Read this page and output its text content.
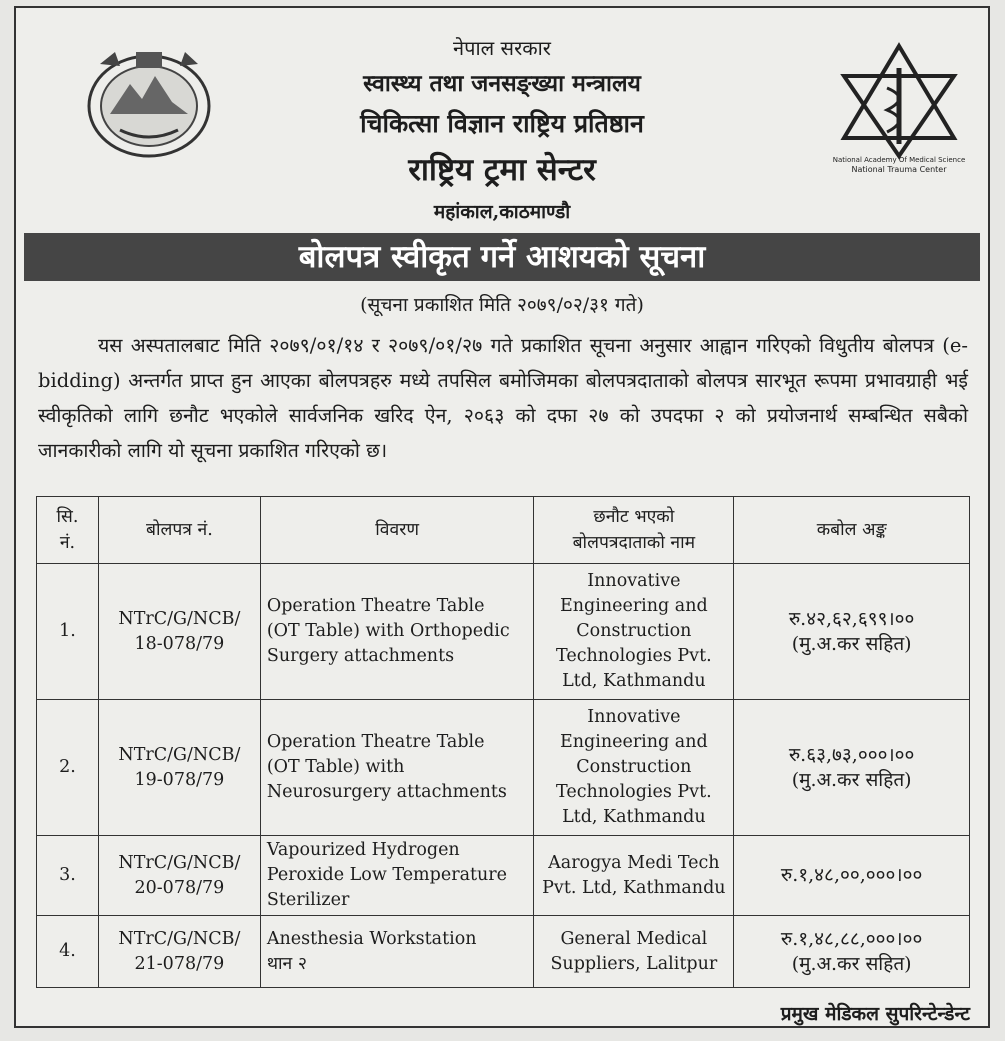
National Academy Of Medical Science
National Trauma Center
नेपाल सरकार
स्वास्थ्य तथा जनसङ्ख्या मन्त्रालय
चिकित्सा विज्ञान राष्ट्रिय प्रतिष्ठान
राष्ट्रिय ट्रमा सेन्टर
महांकाल,काठमाण्डौ
बोलपत्र स्वीकृत गर्ने आशयको सूचना
(सूचना प्रकाशित मिति २०७९/०२/३१ गते)

यस अस्पतालबाट मिति २०७९/०१/१४ र २०७९/०१/२७ गते प्रकाशित सूचना अनुसार आह्वान गरिएको विधुतीय बोलपत्र (e-bidding) अन्तर्गत प्राप्त हुन आएका बोलपत्रहरु मध्ये तपसिल बमोजिमका बोलपत्रदाताको बोलपत्र सारभूत रूपमा प्रभावग्राही भई स्वीकृतिको लागि छनौट भएकोले सार्वजनिक खरिद ऐन, २०६३ को दफा २७ को उपदफा २ को प्रयोजनार्थ सम्बन्धित सबैको जानकारीको लागि यो सूचना प्रकाशित गरिएको छ।

सि.
नं.	बोलपत्र नं.	विवरण	छनौट भएको
बोलपत्रदाताको नाम	कबोल अङ्क
1.	NTrC/G/NCB/
18-078/79	Operation Theatre Table
(OT Table) with Orthopedic
Surgery attachments	Innovative
Engineering and
Construction
Technologies Pvt.
Ltd, Kathmandu	रु.४२,६२,६९९।००
(मु.अ.कर सहित)
2.	NTrC/G/NCB/
19-078/79	Operation Theatre Table
(OT Table) with
Neurosurgery attachments	Innovative
Engineering and
Construction
Technologies Pvt.
Ltd, Kathmandu	रु.६३,७३,०००।००
(मु.अ.कर सहित)
3.	NTrC/G/NCB/
20-078/79	Vapourized Hydrogen
Peroxide Low Temperature
Sterilizer	Aarogya Medi Tech
Pvt. Ltd, Kathmandu	रु.१,४८,००,०००।००
4.	NTrC/G/NCB/
21-078/79	Anesthesia Workstation
थान २	General Medical
Suppliers, Lalitpur	रु.१,४८,८८,०००।००
(मु.अ.कर सहित)
प्रमुख मेडिकल सुपरिन्टेन्डेन्ट
